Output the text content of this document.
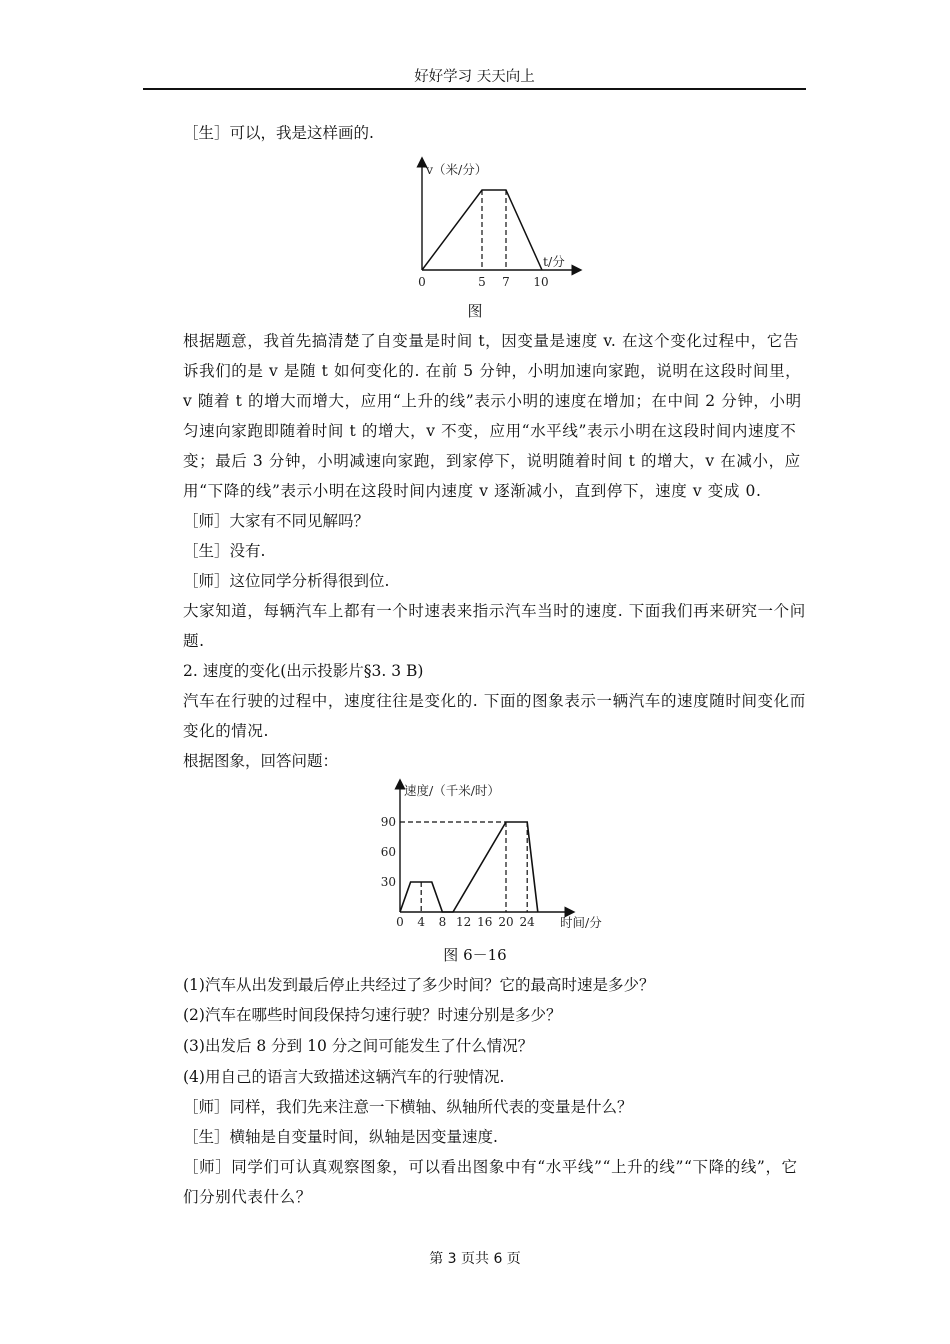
好好学习 天天向上

［生］可以，我是这样画的.

v（米/分）
t/分
0	5 7 10
图

根据题意，我首先搞清楚了自变量是时间 t，因变量是速度 v. 在这个变化过程中，它告诉我们的是 v 是随 t 如何变化的. 在前 5 分钟，小明加速向家跑，说明在这段时间里，v 随着 t 的增大而增大，应用“上升的线”表示小明的速度在增加；在中间 2 分钟，小明匀速向家跑即随着时间 t 的增大，v 不变，应用“水平线”表示小明在这段时间内速度不变；最后 3 分钟，小明减速向家跑，到家停下，说明随着时间 t 的增大，v 在减小，应用“下降的线”表示小明在这段时间内速度 v 逐渐减小，直到停下，速度 v 变成 0.

［师］大家有不同见解吗？

［生］没有.

［师］这位同学分析得很到位.

大家知道，每辆汽车上都有一个时速表来指示汽车当时的速度. 下面我们再来研究一个问题.

2. 速度的变化(出示投影片§3. 3 B)

汽车在行驶的过程中，速度往往是变化的. 下面的图象表示一辆汽车的速度随时间变化而变化的情况.

根据图象，回答问题：

速度/（千米/时）
时间/分
30
60
90
0 4 8 12 16 20 24
图 6－16

(1)汽车从出发到最后停止共经过了多少时间？它的最高时速是多少？

(2)汽车在哪些时间段保持匀速行驶？时速分别是多少？

(3)出发后 8 分到 10 分之间可能发生了什么情况？

(4)用自己的语言大致描述这辆汽车的行驶情况.

［师］同样，我们先来注意一下横轴、纵轴所代表的变量是什么？

［生］横轴是自变量时间，纵轴是因变量速度.

［师］同学们可认真观察图象，可以看出图象中有“水平线”“上升的线”“下降的线”，它们分别代表什么？

第 3 页共 6 页
